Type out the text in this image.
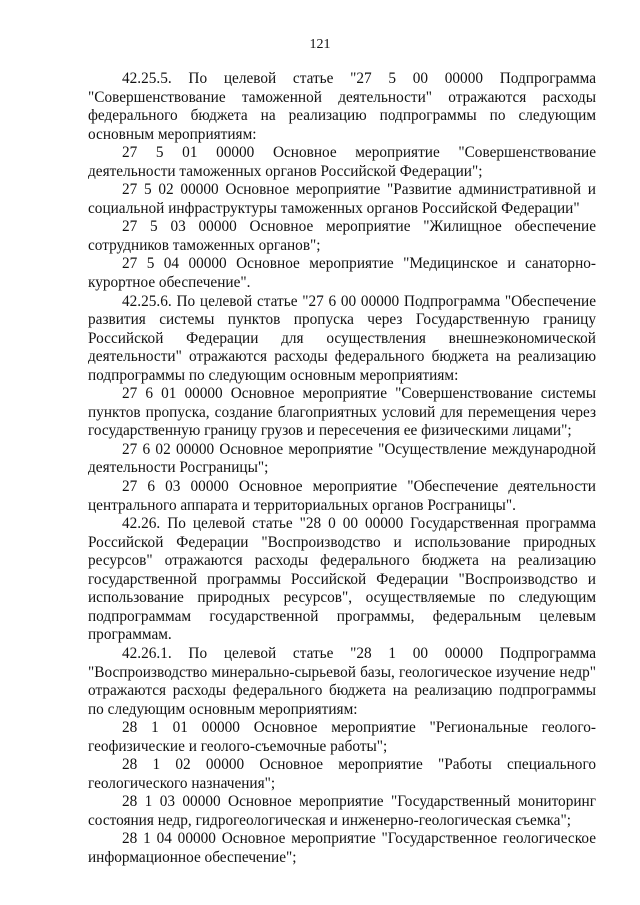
121

42.25.5. По целевой статье "27 5 00 00000 Подпрограмма "Совершенствование таможенной деятельности" отражаются расходы федерального бюджета на реализацию подпрограммы по следующим основным мероприятиям:

27 5 01 00000 Основное мероприятие "Совершенствование деятельности таможенных органов Российской Федерации";

27 5 02 00000 Основное мероприятие "Развитие административной и социальной инфраструктуры таможенных органов Российской Федерации"

27 5 03 00000 Основное мероприятие "Жилищное обеспечение сотрудников таможенных органов";

27 5 04 00000 Основное мероприятие "Медицинское и санаторно-курортное обеспечение".

42.25.6. По целевой статье "27 6 00 00000 Подпрограмма "Обеспечение развития системы пунктов пропуска через Государственную границу Российской Федерации для осуществления внешнеэкономической деятельности" отражаются расходы федерального бюджета на реализацию подпрограммы по следующим основным мероприятиям:

27 6 01 00000 Основное мероприятие "Совершенствование системы пунктов пропуска, создание благоприятных условий для перемещения через государственную границу грузов и пересечения ее физическими лицами";

27 6 02 00000 Основное мероприятие "Осуществление международной деятельности Росграницы";

27 6 03 00000 Основное мероприятие "Обеспечение деятельности центрального аппарата и территориальных органов Росграницы".

42.26. По целевой статье "28 0 00 00000 Государственная программа Российской Федерации "Воспроизводство и использование природных ресурсов" отражаются расходы федерального бюджета на реализацию государственной программы Российской Федерации "Воспроизводство и использование природных ресурсов", осуществляемые по следующим подпрограммам государственной программы, федеральным целевым программам.

42.26.1. По целевой статье "28 1 00 00000 Подпрограмма "Воспроизводство минерально-сырьевой базы, геологическое изучение недр" отражаются расходы федерального бюджета на реализацию подпрограммы по следующим основным мероприятиям:

28 1 01 00000 Основное мероприятие "Региональные геолого-геофизические и геолого-съемочные работы";

28 1 02 00000 Основное мероприятие "Работы специального геологического назначения";

28 1 03 00000 Основное мероприятие "Государственный мониторинг состояния недр, гидрогеологическая и инженерно-геологическая съемка";

28 1 04 00000 Основное мероприятие "Государственное геологическое информационное обеспечение";
